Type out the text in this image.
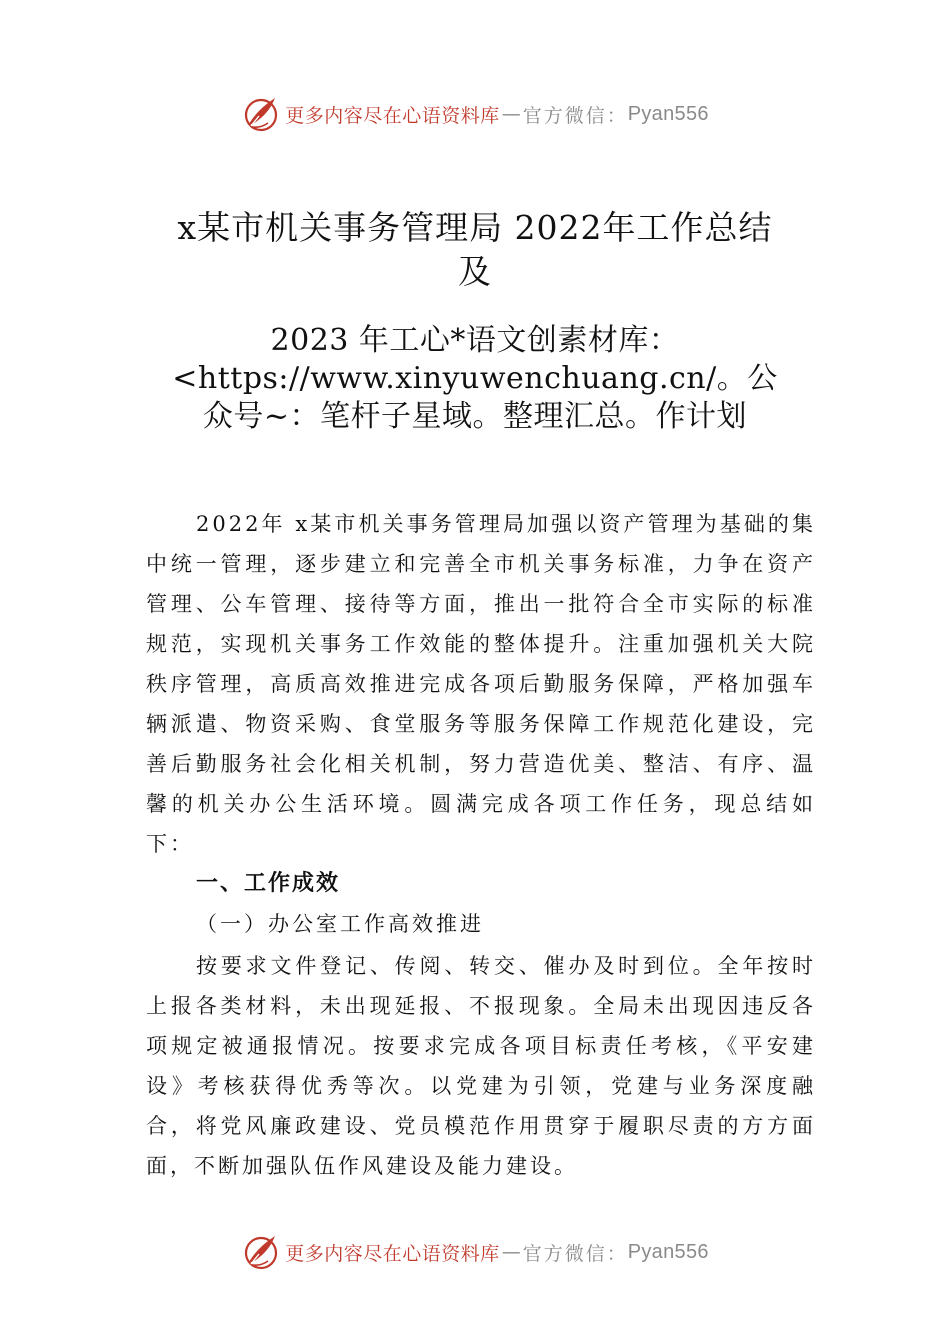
更多内容尽在心语资料库 — 官方微信： Pyan556
x某市机关事务管理局 2022年工作总结
及
2023 年工心*语文创素材库：
<https://www.xinyuwenchuang.cn/。公
众号~：笔杆子星域。整理汇总。作计划

2022年 x某市机关事务管理局加强以资产管理为基础的集中统一管理，逐步建立和完善全市机关事务标准，力争在资产管理、公车管理、接待等方面，推出一批符合全市实际的标准规范，实现机关事务工作效能的整体提升。注重加强机关大院秩序管理，高质高效推进完成各项后勤服务保障，严格加强车辆派遣、物资采购、食堂服务等服务保障工作规范化建设，完善后勤服务社会化相关机制，努力营造优美、整洁、有序、温馨的机关办公生活环境。圆满完成各项工作任务，现总结如下：

一、工作成效
（一）办公室工作高效推进

按要求文件登记、传阅、转交、催办及时到位。全年按时上报各类材料，未出现延报、不报现象。全局未出现因违反各项规定被通报情况。按要求完成各项目标责任考核，《平安建设》考核获得优秀等次。以党建为引领，党建与业务深度融合，将党风廉政建设、党员模范作用贯穿于履职尽责的方方面面，不断加强队伍作风建设及能力建设。

更多内容尽在心语资料库 — 官方微信： Pyan556
